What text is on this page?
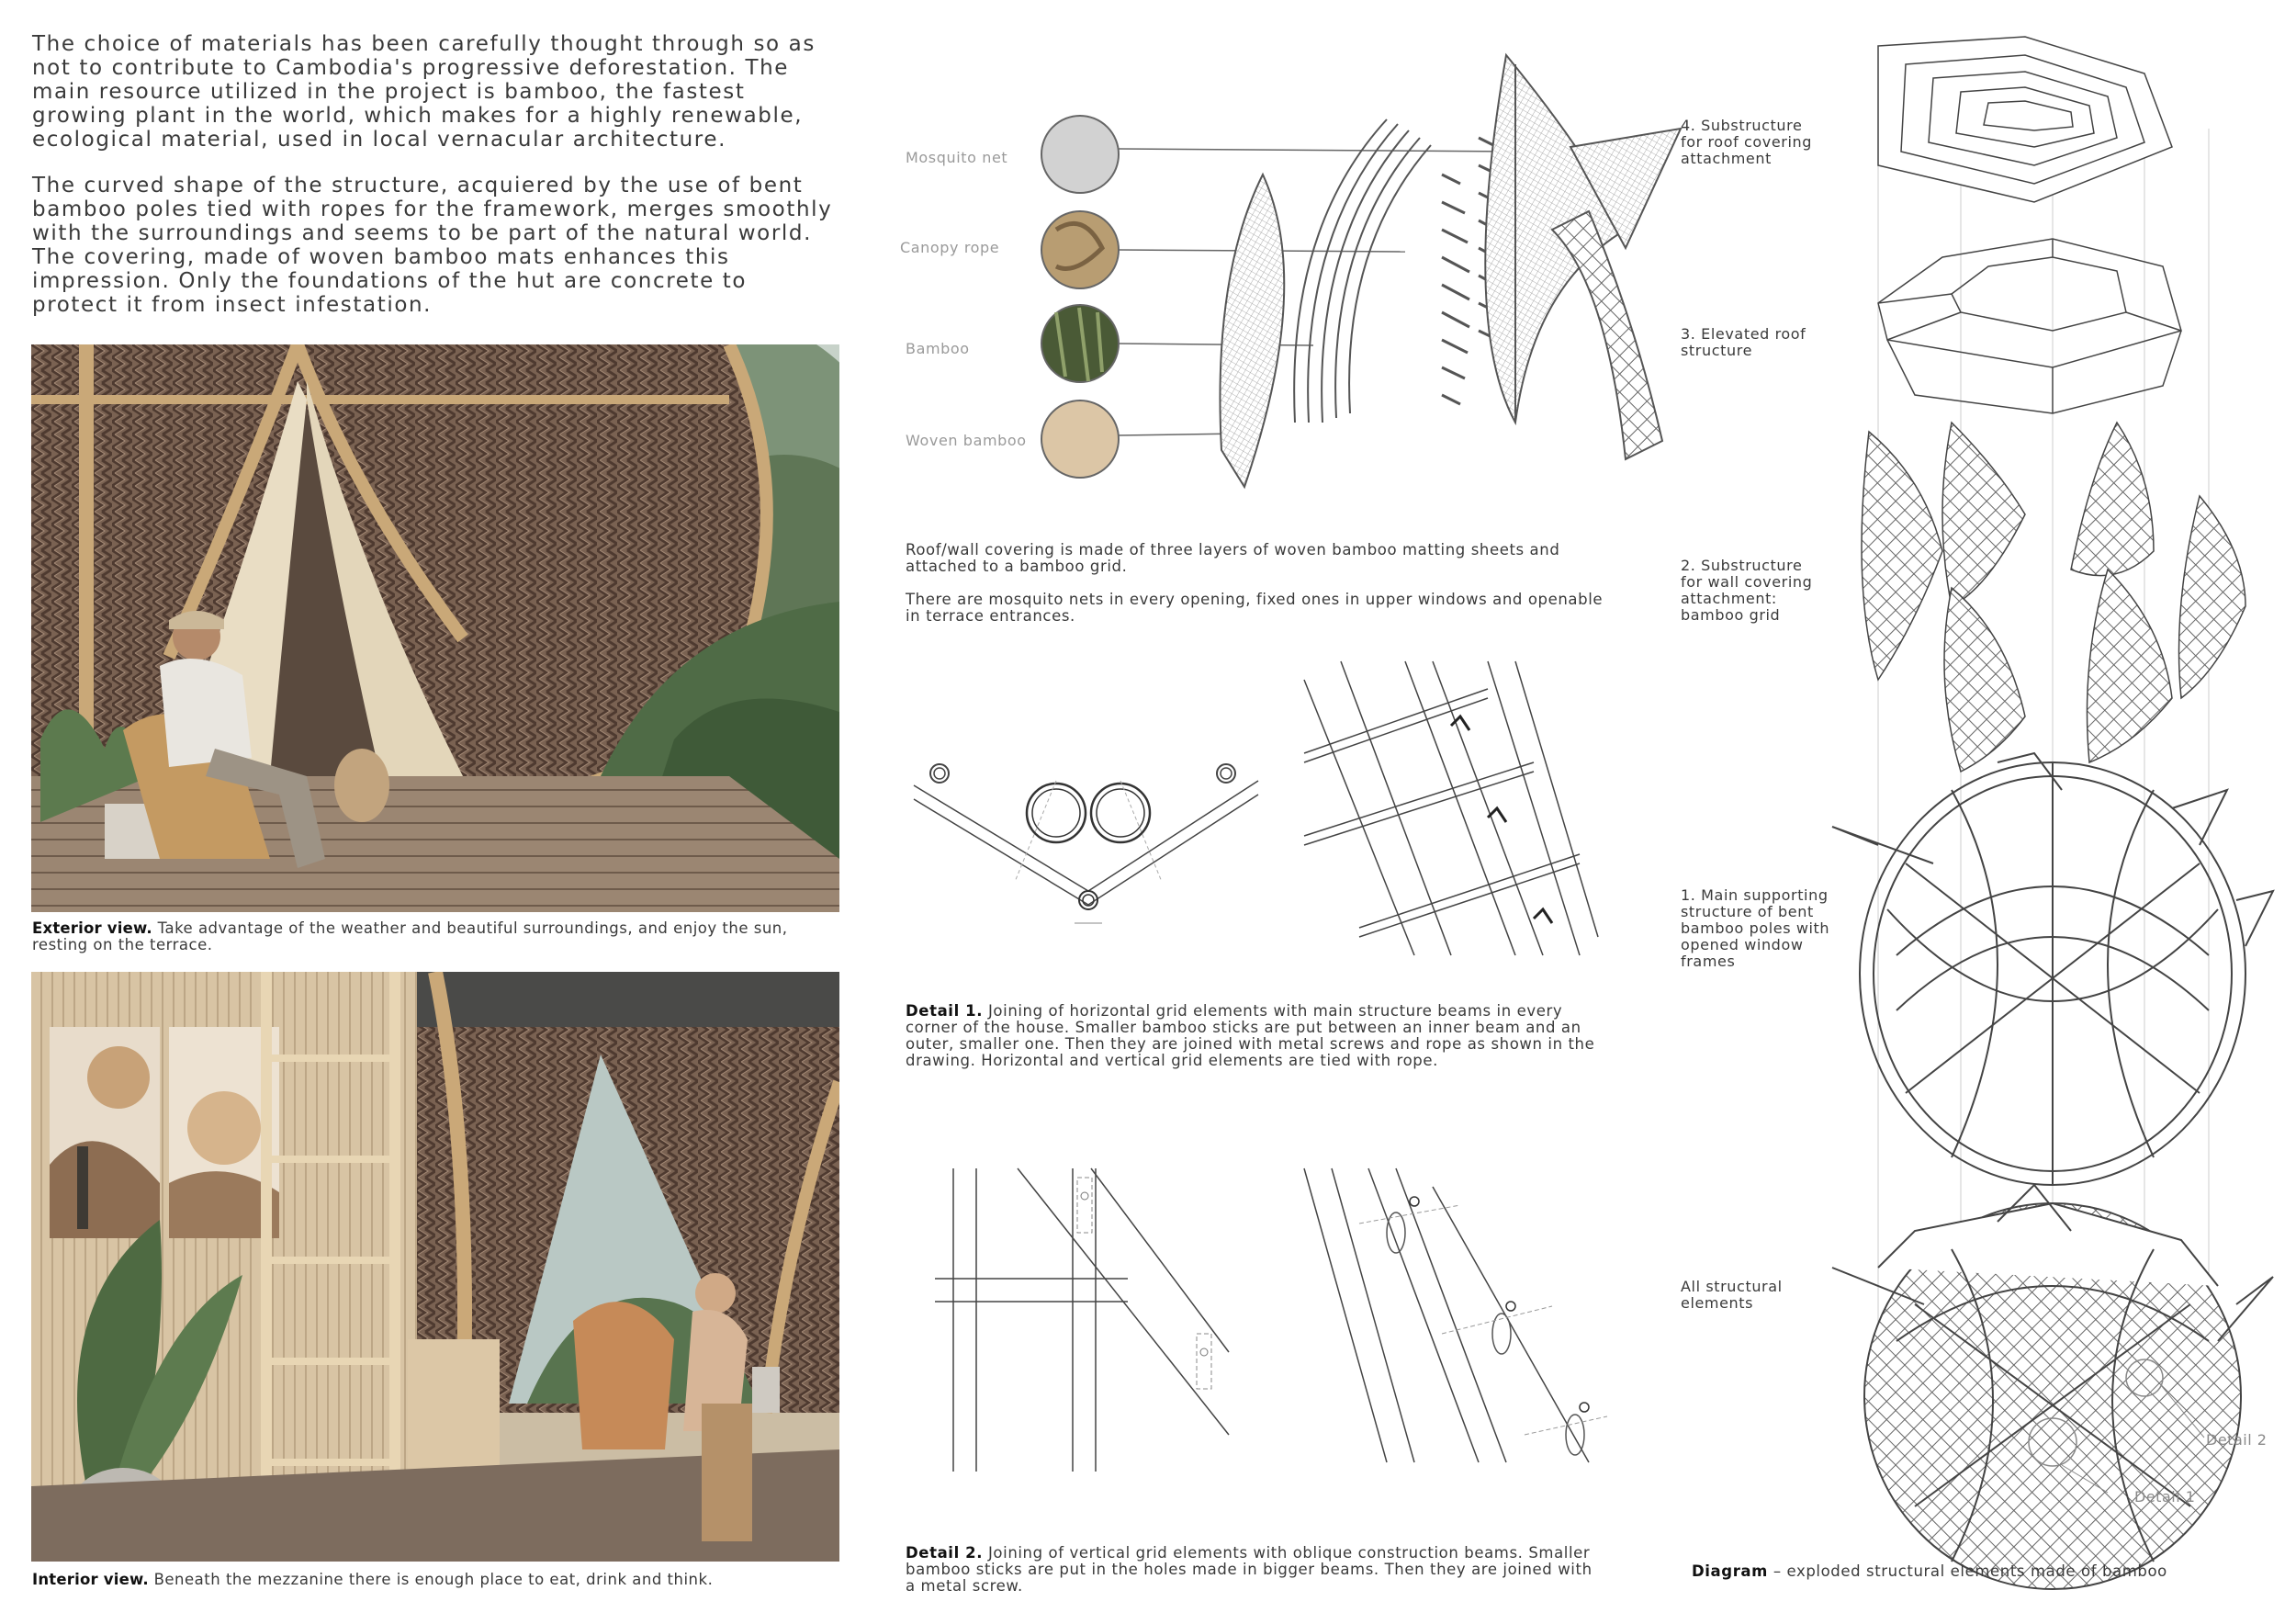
The choice of materials has been carefully thought through so as not to contribute to Cambodia's progressive deforestation. The main resource utilized in the project is bamboo, the fastest growing plant in the world, which makes for a highly renewable, ecological material, used in local vernacular architecture.

The curved shape of the structure, acquiered by the use of bent bamboo poles tied with ropes for the framework, merges smoothly with the surroundings and seems to be part of the natural world. The covering, made of woven bamboo mats enhances this impression. Only the foundations of the hut are concrete to protect it from insect infestation.

Exterior view. Take advantage of the weather and beautiful surroundings, and enjoy the sun, resting on the terrace.
Interior view. Beneath the mezzanine there is enough place to eat, drink and think.
Mosquito net
Canopy rope
Bamboo
Woven bamboo

Roof/wall covering is made of three layers of woven bamboo matting sheets and attached to a bamboo grid.

There are mosquito nets in every opening, fixed ones in upper windows and openable in terrace entrances.

Detail 1. Joining of horizontal grid elements with main structure beams in every corner of the house. Smaller bamboo sticks are put between an inner beam and an outer, smaller one. Then they are joined with metal screws and rope as shown in the drawing. Horizontal and vertical grid elements are tied with rope.
Detail 2. Joining of vertical grid elements with oblique construction beams. Smaller bamboo sticks are put in the holes made in bigger beams. Then they are joined with a metal screw.
4. Substructure for roof covering attachment
3. Elevated roof structure
2. Substructure for wall covering attachment: bamboo grid
1. Main supporting structure of bent bamboo poles with opened window frames
All structural elements
Detail 2
Detail 1
Diagram – exploded structural elements made of bamboo
